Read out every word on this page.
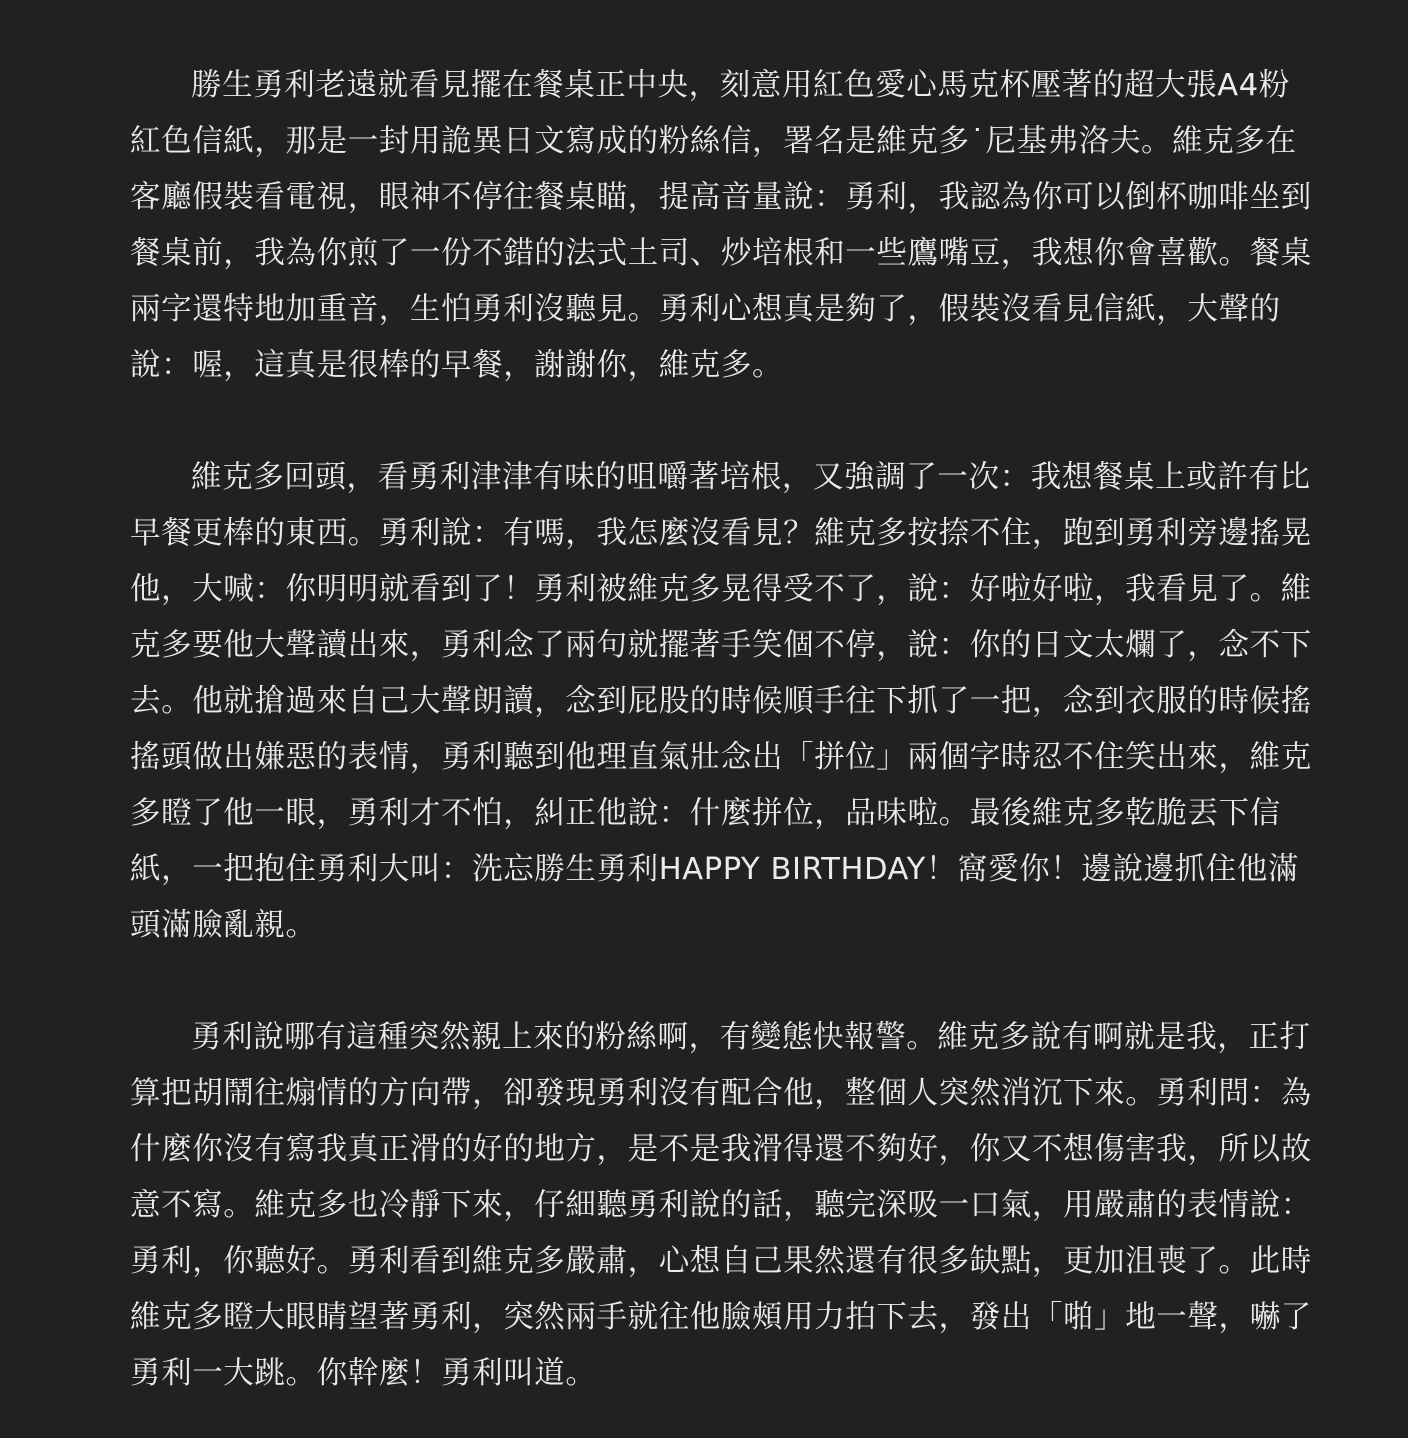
勝生勇利老遠就看見擺在餐桌正中央，刻意用紅色愛心馬克杯壓著的超大張A4粉紅色信紙，那是一封用詭異日文寫成的粉絲信，署名是維克多˙尼基弗洛夫。維克多在客廳假裝看電視，眼神不停往餐桌瞄，提高音量說：勇利，我認為你可以倒杯咖啡坐到餐桌前，我為你煎了一份不錯的法式土司、炒培根和一些鷹嘴豆，我想你會喜歡。餐桌兩字還特地加重音，生怕勇利沒聽見。勇利心想真是夠了，假裝沒看見信紙，大聲的說：喔，這真是很棒的早餐，謝謝你，維克多。

維克多回頭，看勇利津津有味的咀嚼著培根，又強調了一次：我想餐桌上或許有比早餐更棒的東西。勇利說：有嗎，我怎麼沒看見？維克多按捺不住，跑到勇利旁邊搖晃他，大喊：你明明就看到了！勇利被維克多晃得受不了，說：好啦好啦，我看見了。維克多要他大聲讀出來，勇利念了兩句就擺著手笑個不停，說：你的日文太爛了，念不下去。他就搶過來自己大聲朗讀，念到屁股的時候順手往下抓了一把，念到衣服的時候搖搖頭做出嫌惡的表情，勇利聽到他理直氣壯念出「拼位」兩個字時忍不住笑出來，維克多瞪了他一眼，勇利才不怕，糾正他說：什麼拼位，品味啦。最後維克多乾脆丟下信紙，一把抱住勇利大叫：洗忘勝生勇利HAPPY BIRTHDAY！窩愛你！邊說邊抓住他滿頭滿臉亂親。

勇利說哪有這種突然親上來的粉絲啊，有變態快報警。維克多說有啊就是我，正打算把胡鬧往煽情的方向帶，卻發現勇利沒有配合他，整個人突然消沉下來。勇利問：為什麼你沒有寫我真正滑的好的地方，是不是我滑得還不夠好，你又不想傷害我，所以故意不寫。維克多也冷靜下來，仔細聽勇利說的話，聽完深吸一口氣，用嚴肅的表情說：勇利，你聽好。勇利看到維克多嚴肅，心想自己果然還有很多缺點，更加沮喪了。此時維克多瞪大眼睛望著勇利，突然兩手就往他臉頰用力拍下去，發出「啪」地一聲，嚇了勇利一大跳。你幹麼！勇利叫道。
